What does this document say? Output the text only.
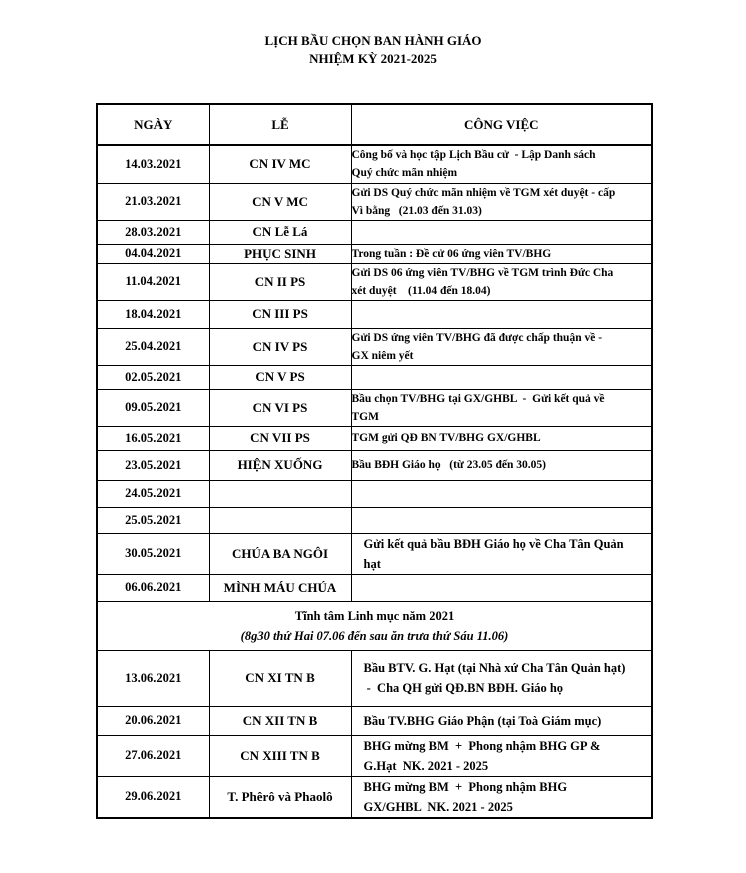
LỊCH BẦU CHỌN BAN HÀNH GIÁO
NHIỆM KỲ 2021-2025
NGÀY	LỄ	CÔNG VIỆC
14.03.2021	CN IV MC	Công bố và học tập Lịch Bầu cử  - Lập Danh sách
Quý chức mãn nhiệm

21.03.2021	CN V MC	Gửi DS Quý chức mãn nhiệm về TGM xét duyệt - cấp
Vì bằng   (21.03 đến 31.03)

28.03.2021	CN Lễ Lá	
04.04.2021	PHỤC SINH	Trong tuần : Đề cử 06 ứng viên TV/BHG

11.04.2021	CN II PS	Gửi DS 06 ứng viên TV/BHG về TGM trình Đức Cha
xét duyệt    (11.04 đến 18.04)

18.04.2021	CN III PS	
25.04.2021	CN IV PS	Gửi DS ứng viên TV/BHG đã được chấp thuận về -
GX niêm yết

02.05.2021	CN V PS	
09.05.2021	CN VI PS	Bầu chọn TV/BHG tại GX/GHBL  -  Gửi kết quả về
TGM

16.05.2021	CN VII PS	TGM gửi QĐ BN TV/BHG GX/GHBL

23.05.2021	HIỆN XUỐNG	Bầu BĐH Giáo họ   (từ 23.05 đến 30.05)

24.05.2021		
25.05.2021		
30.05.2021	CHÚA BA NGÔI	Gửi kết quả bầu BĐH Giáo họ về Cha Tân Quản
hạt

06.06.2021	MÌNH MÁU CHÚA	

Tĩnh tâm Linh mục năm 2021
(8g30 thứ Hai 07.06 đến sau ăn trưa thứ Sáu 11.06)		

13.06.2021	CN XI TN B	Bầu BTV. G. Hạt (tại Nhà xứ Cha Tân Quản hạt)
-  Cha QH gửi QĐ.BN BĐH. Giáo họ

20.06.2021	CN XII TN B	Bầu TV.BHG Giáo Phận (tại Toà Giám mục)

27.06.2021	CN XIII TN B	BHG mừng BM  +  Phong nhậm BHG GP &
G.Hạt  NK. 2021 - 2025

29.06.2021	T. Phêrô và Phaolô	BHG mừng BM  +  Phong nhậm BHG
GX/GHBL  NK. 2021 - 2025
